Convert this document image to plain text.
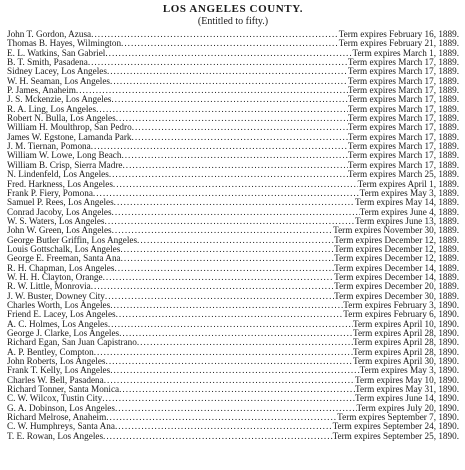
LOS ANGELES COUNTY.
(Entitled to fifty.)
John T. Gordon, Azusa .....	Term expires February 16, 1889.
Thomas B. Hayes, Wilmington .....	Term expires February 21, 1889.
E. L. Watkins, San Gabriel .....	Term expires March 1, 1889.
B. T. Smith, Pasadena .....	Term expires March 17, 1889.
Sidney Lacey, Los Angeles .....	Term expires March 17, 1889.
W. H. Seaman, Los Angeles .....	Term expires March 17, 1889.
P. James, Anaheim .....	Term expires March 17, 1889.
J. S. Mckenzie, Los Angeles .....	Term expires March 17, 1889.
R. A. Ling, Los Angeles .....	Term expires March 17, 1889.
Robert N. Bulla, Los Angeles .....	Term expires March 17, 1889.
William H. Moulthrop, San Pedro .....	Term expires March 17, 1889.
James W. Egstone, Lamanda Park .....	Term expires March 17, 1889.
J. M. Tiernan, Pomona .....	Term expires March 17, 1889.
William W. Lowe, Long Beach .....	Term expires March 17, 1889.
William B. Crisp, Sierra Madre .....	Term expires March 17, 1889.
N. Lindenfeld, Los Angeles .....	Term expires March 25, 1889.
Fred. Harkness, Los Angeles .....	Term expires April 1, 1889.
Frank P. Fiery, Pomona .....	Term expires May 3, 1889.
Samuel P. Rees, Los Angeles .....	Term expires May 14, 1889.
Conrad Jacoby, Los Angeles .....	Term expires June 4, 1889.
W. S. Waters, Los Angeles .....	Term expires June 13, 1889.
John W. Green, Los Angeles .....	Term expires November 30, 1889.
George Butler Griffin, Los Angeles .....	Term expires December 12, 1889.
Louis Gottschalk, Los Angeles .....	Term expires December 12, 1889.
George E. Freeman, Santa Ana .....	Term expires December 12, 1889.
R. H. Chapman, Los Angeles .....	Term expires December 14, 1889.
W. H. H. Clayton, Orange .....	Term expires December 14, 1889.
R. W. Little, Monrovia .....	Term expires December 20, 1889.
J. W. Buster, Downey City .....	Term expires December 30, 1889.
Charles Worth, Los Angeles .....	Term expires February 3, 1890.
Friend E. Lacey, Los Angeles .....	Term expires February 6, 1890.
A. C. Holmes, Los Angeles .....	Term expires April 10, 1890.
George J. Clarke, Los Angeles .....	Term expires April 28, 1890.
Richard Egan, San Juan Capistrano .....	Term expires April 28, 1890.
A. P. Bentley, Compton .....	Term expires April 28, 1890.
John Roberts, Los Angeles .....	Term expires April 30, 1890.
Frank T. Kelly, Los Angeles .....	Term expires May 3, 1890.
Charles W. Bell, Pasadena .....	Term expires May 10, 1890.
Richard Tonner, Santa Monica .....	Term expires May 31, 1890.
C. W. Wilcox, Tustin City .....	Term expires June 14, 1890.
G. A. Dobinson, Los Angeles .....	Term expires July 20, 1890.
Richard Melrose, Anaheim .....	Term expires September 7, 1890.
C. W. Humphreys, Santa Ana .....	Term expires September 24, 1890.
T. E. Rowan, Los Angeles .....	Term expires September 25, 1890.
